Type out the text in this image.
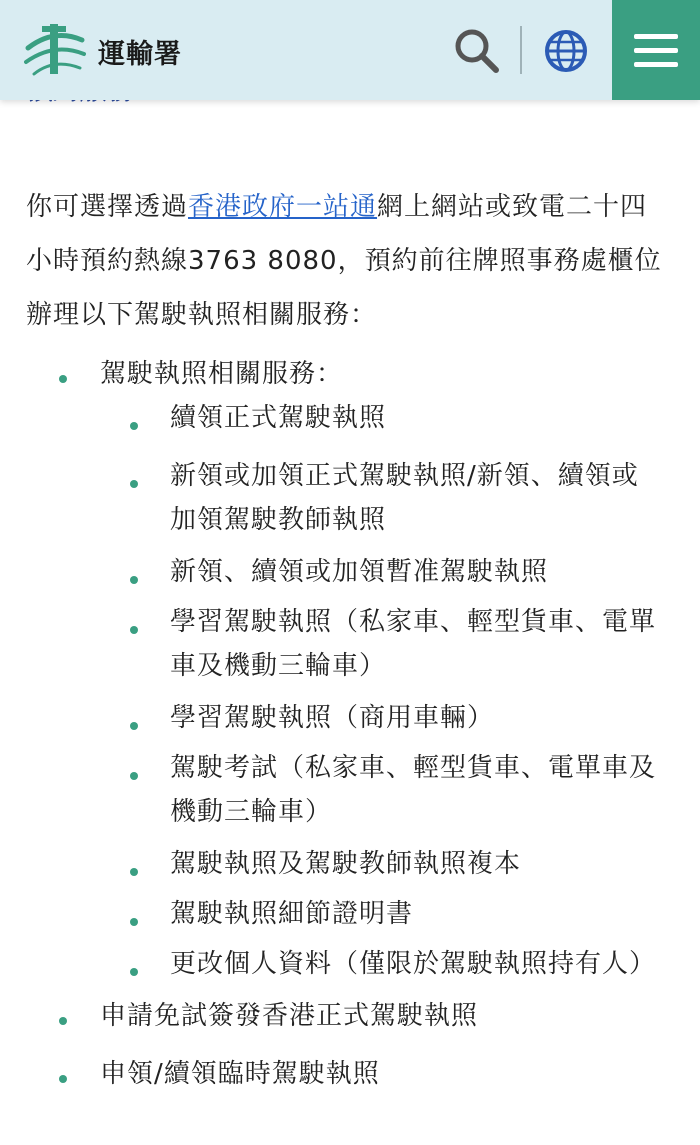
運輸署

你可選擇透過香港政府一站通網上網站或致電二十四小時預約熱線3763 8080，預約前往牌照事務處櫃位辦理以下駕駛執照相關服務：

駕駛執照相關服務：
續領正式駕駛執照
新領或加領正式駕駛執照/新領、續領或加領駕駛教師執照
新領、續領或加領暫准駕駛執照
學習駕駛執照（私家車、輕型貨車、電單車及機動三輪車）
學習駕駛執照（商用車輛）
駕駛考試（私家車、輕型貨車、電單車及機動三輪車）
駕駛執照及駕駛教師執照複本
駕駛執照細節證明書
更改個人資料（僅限於駕駛執照持有人）
申請免試簽發香港正式駕駛執照
申領/續領臨時駕駛執照
